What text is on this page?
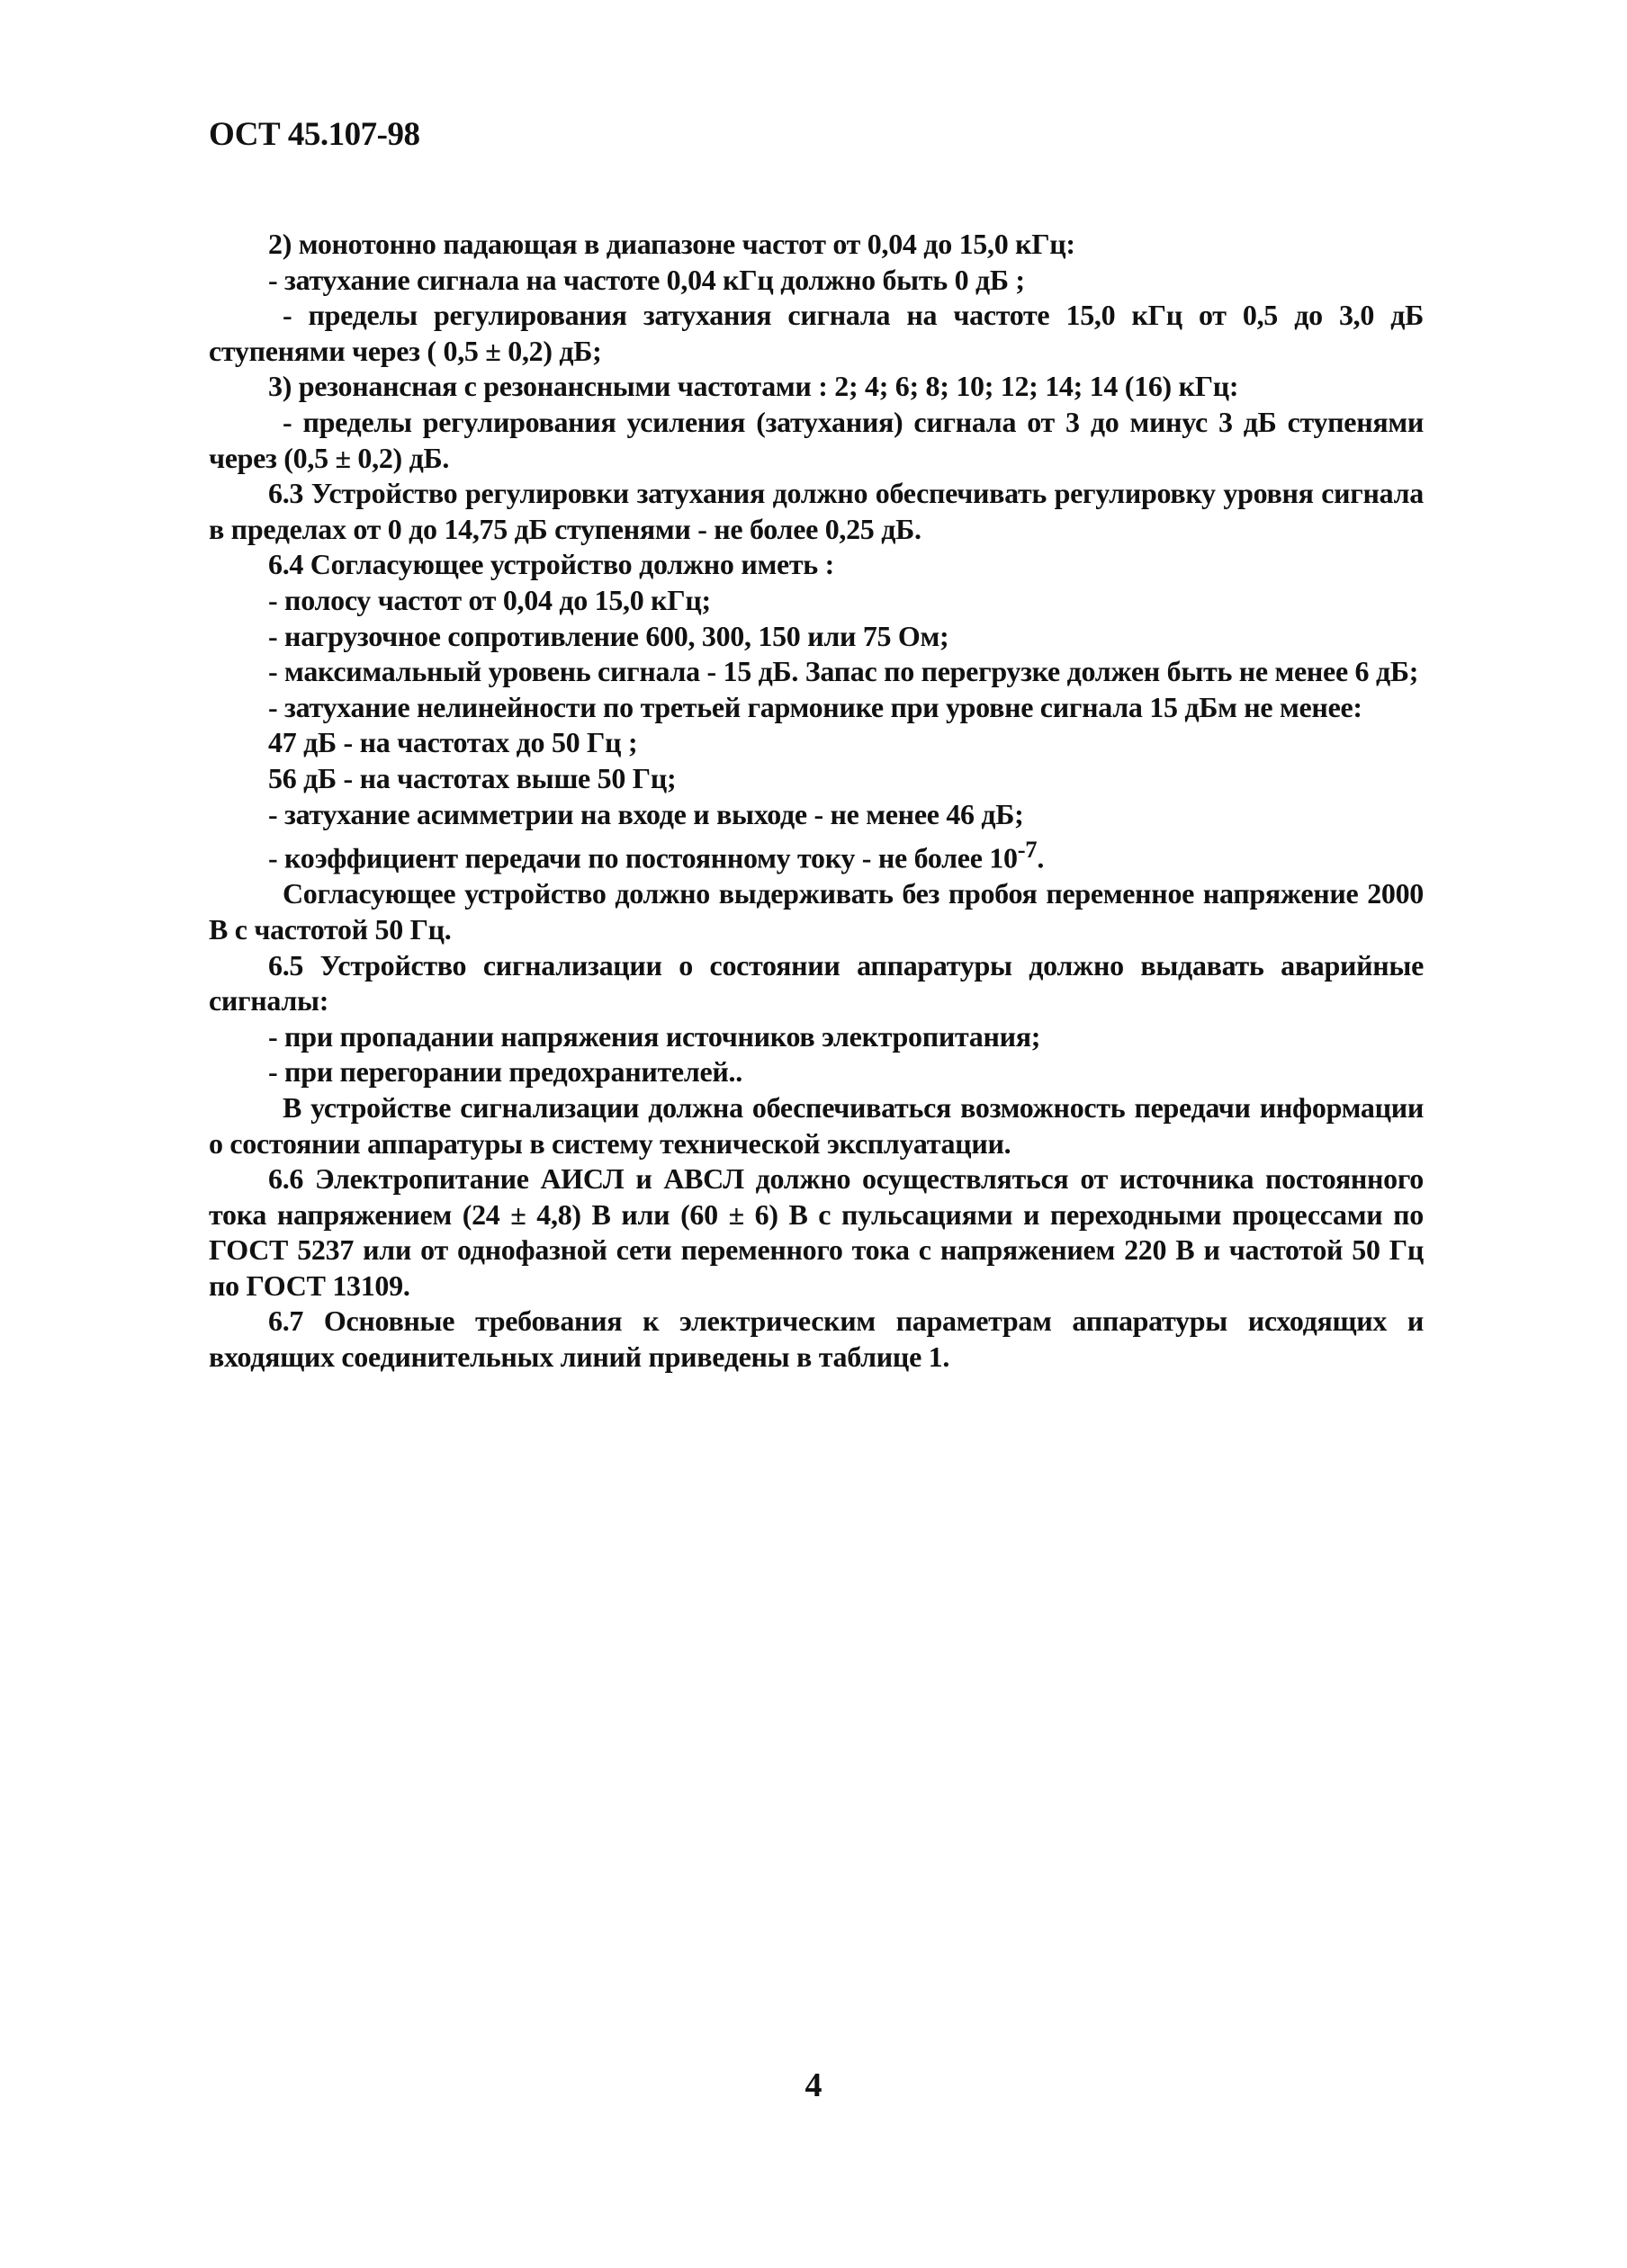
ОСТ 45.107-98

2) монотонно падающая в диапазоне частот от 0,04 до 15,0 кГц:

- затухание сигнала на частоте 0,04 кГц должно быть 0 дБ ;

- пределы регулирования затухания сигнала на частоте 15,0 кГц от 0,5 до 3,0 дБ ступенями через ( 0,5 ± 0,2) дБ;

3) резонансная с резонансными частотами : 2; 4; 6; 8; 10; 12; 14; 14 (16) кГц:

- пределы регулирования усиления (затухания) сигнала от 3 до минус 3 дБ ступенями через (0,5 ± 0,2) дБ.

6.3 Устройство регулировки затухания должно обеспечивать регулировку уровня сигнала в пределах от 0 до 14,75 дБ ступенями - не более 0,25 дБ.

6.4 Согласующее устройство должно иметь :

- полосу частот от 0,04 до 15,0 кГц;

- нагрузочное сопротивление 600, 300, 150 или 75 Ом;

- максимальный уровень сигнала - 15 дБ. Запас по перегрузке должен быть не менее 6 дБ;

- затухание нелинейности по третьей гармонике при уровне сигнала 15 дБм не менее:

47 дБ - на частотах до 50 Гц ;

56 дБ - на частотах выше 50 Гц;

- затухание асимметрии на входе и выходе - не менее 46 дБ;

- коэффициент передачи по постоянному току - не более $10^{-7}$.

Согласующее устройство должно выдерживать без пробоя переменное напряжение 2000 В с частотой 50 Гц.

6.5 Устройство сигнализации о состоянии аппаратуры должно выдавать аварийные сигналы:

- при пропадании напряжения источников электропитания;

- при перегорании предохранителей..

В устройстве сигнализации должна обеспечиваться возможность передачи информации о состоянии аппаратуры в систему технической эксплуатации.

6.6 Электропитание АИСЛ и АВСЛ должно осуществляться от источника постоянного тока напряжением (24 ± 4,8) В или (60 ± 6) В с пульсациями и переходными процессами по ГОСТ 5237 или от однофазной сети переменного тока с напряжением 220 В и частотой 50 Гц по ГОСТ 13109.

6.7 Основные требования к электрическим параметрам аппаратуры исходящих и входящих соединительных линий приведены в таблице 1.

4
